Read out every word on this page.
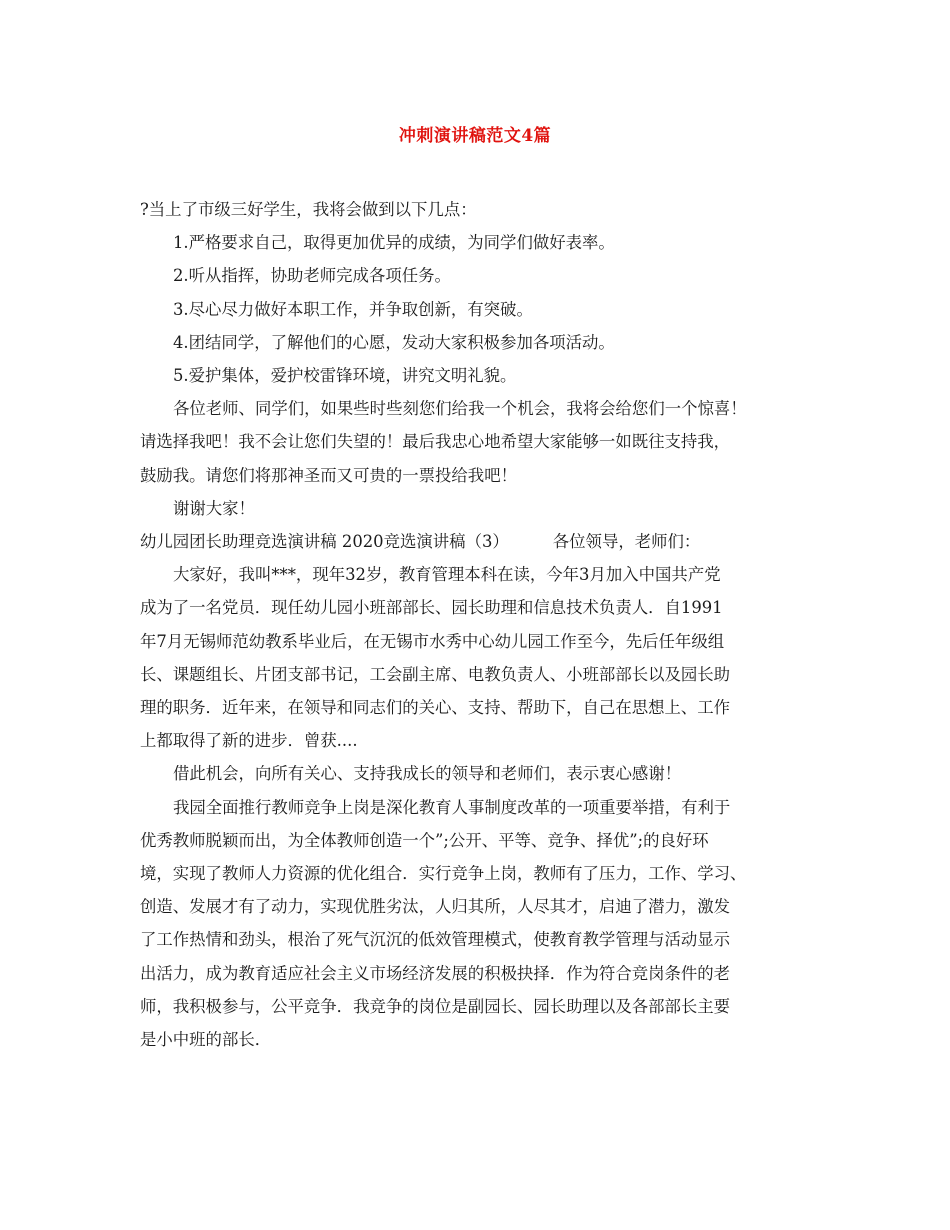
冲刺演讲稿范文4篇
?当上了市级三好学生，我将会做到以下几点：
1.严格要求自己，取得更加优异的成绩，为同学们做好表率。
2.听从指挥，协助老师完成各项任务。
3.尽心尽力做好本职工作，并争取创新，有突破。
4.团结同学，了解他们的心愿，发动大家积极参加各项活动。
5.爱护集体，爱护校雷锋环境，讲究文明礼貌。
各位老师、同学们，如果些时些刻您们给我一个机会，我将会给您们一个惊喜！
请选择我吧！我不会让您们失望的！最后我忠心地希望大家能够一如既往支持我，
鼓励我。请您们将那神圣而又可贵的一票投给我吧！
谢谢大家！
幼儿园团长助理竞选演讲稿 2020竞选演讲稿（3）	各位领导，老师们：
大家好，我叫***，现年32岁，教育管理本科在读，今年3月加入中国共产党
成为了一名党员．现任幼儿园小班部部长、园长助理和信息技术负责人．自1991
年7月无锡师范幼教系毕业后，在无锡市水秀中心幼儿园工作至今，先后任年级组
长、课题组长、片团支部书记，工会副主席、电教负责人、小班部部长以及园长助
理的职务．近年来，在领导和同志们的关心、支持、帮助下，自己在思想上、工作
上都取得了新的进步．曾获....
借此机会，向所有关心、支持我成长的领导和老师们，表示衷心感谢！
我园全面推行教师竞争上岗是深化教育人事制度改革的一项重要举措，有利于
优秀教师脱颖而出，为全体教师创造一个”;公开、平等、竞争、择优”;的良好环
境，实现了教师人力资源的优化组合．实行竞争上岗，教师有了压力，工作、学习、
创造、发展才有了动力，实现优胜劣汰，人归其所，人尽其才，启迪了潜力，激发
了工作热情和劲头，根治了死气沉沉的低效管理模式，使教育教学管理与活动显示
出活力，成为教育适应社会主义市场经济发展的积极抉择．作为符合竞岗条件的老
师，我积极参与，公平竞争．我竞争的岗位是副园长、园长助理以及各部部长主要
是小中班的部长．
